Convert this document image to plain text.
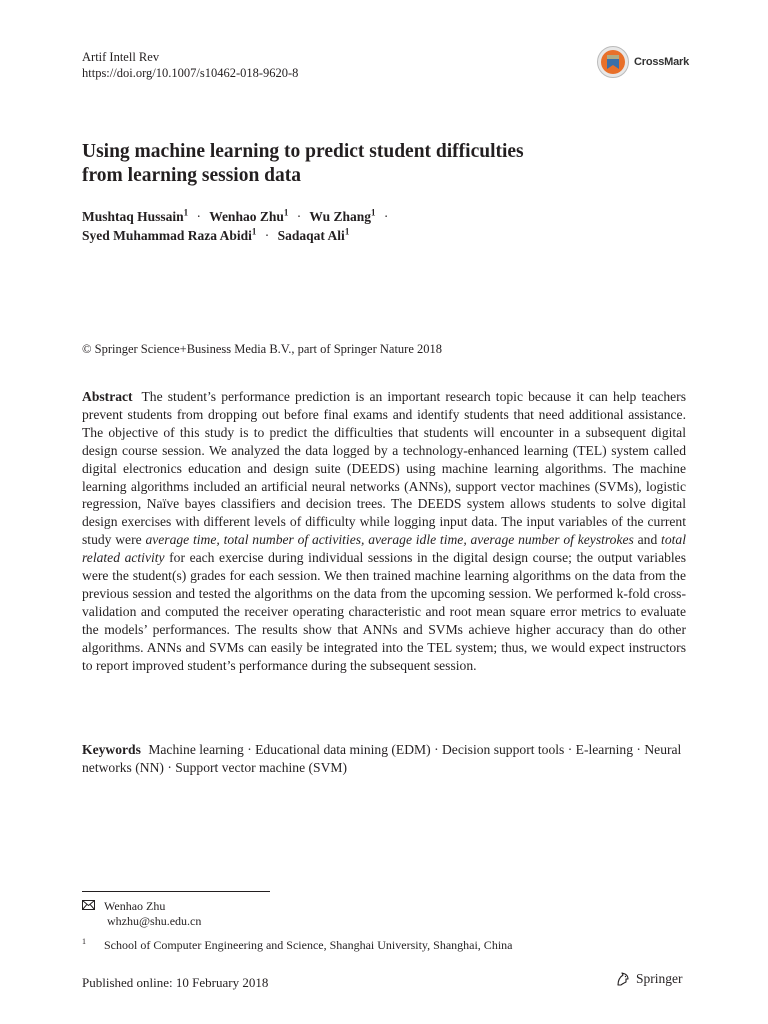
Artif Intell Rev
https://doi.org/10.1007/s10462-018-9620-8
CrossMark
Using machine learning to predict student difficulties
from learning session data
Mushtaq Hussain$^1$ · Wenhao Zhu$^1$ · Wu Zhang$^1$ ·
Syed Muhammad Raza Abidi$^1$ · Sadaqat Ali$^1$
© Springer Science+Business Media B.V., part of Springer Nature 2018
Abstract The student’s performance prediction is an important research topic because it can help teachers prevent students from dropping out before final exams and identify students that need additional assistance. The objective of this study is to predict the difficulties that students will encounter in a subsequent digital design course session. We analyzed the data logged by a technology-enhanced learning (TEL) system called digital electronics education and design suite (DEEDS) using machine learning algorithms. The machine learning algorithms included an artificial neural networks (ANNs), support vector machines (SVMs), logistic regression, Naïve bayes classifiers and decision trees. The DEEDS system allows students to solve digital design exercises with different levels of difficulty while logging input data. The input variables of the current study were average time, total number of activities, average idle time, average number of keystrokes and total related activity for each exercise during individual sessions in the digital design course; the output variables were the student(s) grades for each session. We then trained machine learning algorithms on the data from the previous session and tested the algorithms on the data from the upcoming session. We performed k-fold cross-validation and computed the receiver operating characteristic and root mean square error metrics to evaluate the models’ performances. The results show that ANNs and SVMs achieve higher accuracy than do other algorithms. ANNs and SVMs can easily be integrated into the TEL system; thus, we would expect instructors to report improved student’s performance during the subsequent session.
Keywords Machine learning · Educational data mining (EDM) · Decision support tools · E-learning · Neural networks (NN) · Support vector machine (SVM)
Wenhao Zhu
whzhu@shu.edu.cn
$^1$ School of Computer Engineering and Science, Shanghai University, Shanghai, China
Published online: 10 February 2018	Springer
